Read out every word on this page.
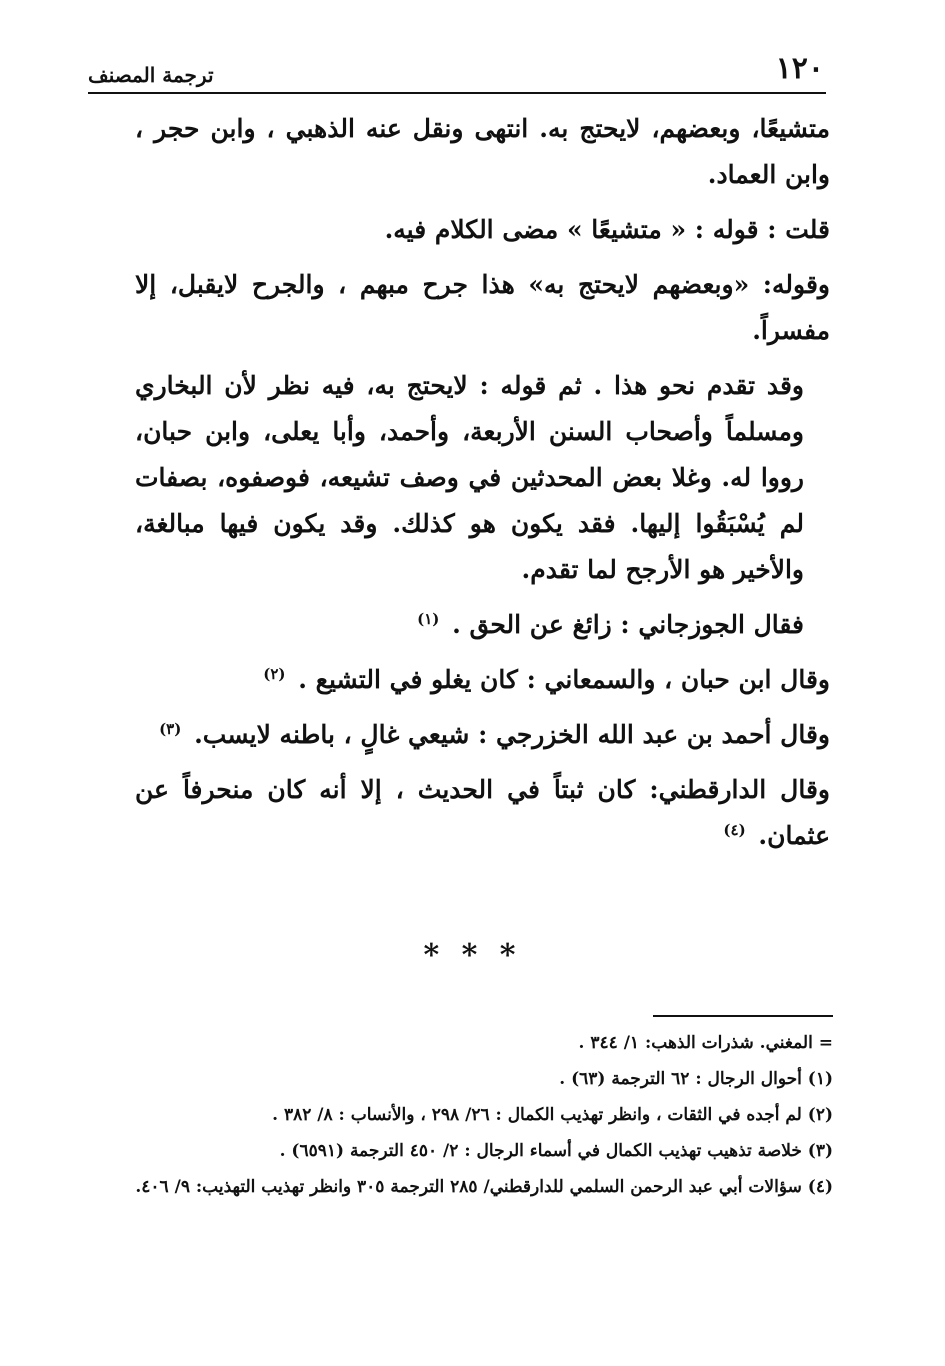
١٢٠
ترجمة المصنف

متشيعًا، وبعضهم، لايحتج به. انتهى ونقل عنه الذهبي ، وابن حجر ، وابن العماد.

قلت : قوله : « متشيعًا » مضى الكلام فيه.

وقوله: «وبعضهم لايحتج به» هذا جرح مبهم ، والجرح لايقبل، إلا مفسراً.

وقد تقدم نحو هذا . ثم قوله : لايحتج به، فيه نظر لأن البخاري ومسلماً وأصحاب السنن الأربعة، وأحمد، وأبا يعلى، وابن حبان، رووا له. وغلا بعض المحدثين في وصف تشيعه، فوصفوه، بصفات لم يُسْبَقُوا إليها. فقد يكون هو كذلك. وقد يكون فيها مبالغة، والأخير هو الأرجح لما تقدم.

فقال الجوزجاني : زائغ عن الحق . $^{(١)}$

وقال ابن حبان ، والسمعاني : كان يغلو في التشيع . $^{(٢)}$

وقال أحمد بن عبد الله الخزرجي : شيعي غالٍ ، باطنه لايسب. $^{(٣)}$

وقال الدارقطني: كان ثبتاً في الحديث ، إلا أنه كان منحرفاً عن عثمان. $^{(٤)}$

* * *

= المغني. شذرات الذهب: ١/ ٣٤٤ .

(١) أحوال الرجال : ٦٢ الترجمة (٦٣) .

(٢) لم أجده في الثقات ، وانظر تهذيب الكمال : ٢٦/ ٢٩٨ ، والأنساب : ٨/ ٣٨٢ .

(٣) خلاصة تذهيب تهذيب الكمال في أسماء الرجال : ٢/ ٤٥٠ الترجمة (٦٥٩١) .

(٤) سؤالات أبي عبد الرحمن السلمي للدارقطني/ ٢٨٥ الترجمة ٣٠٥ وانظر تهذيب التهذيب: ٩/ ٤٠٦.
